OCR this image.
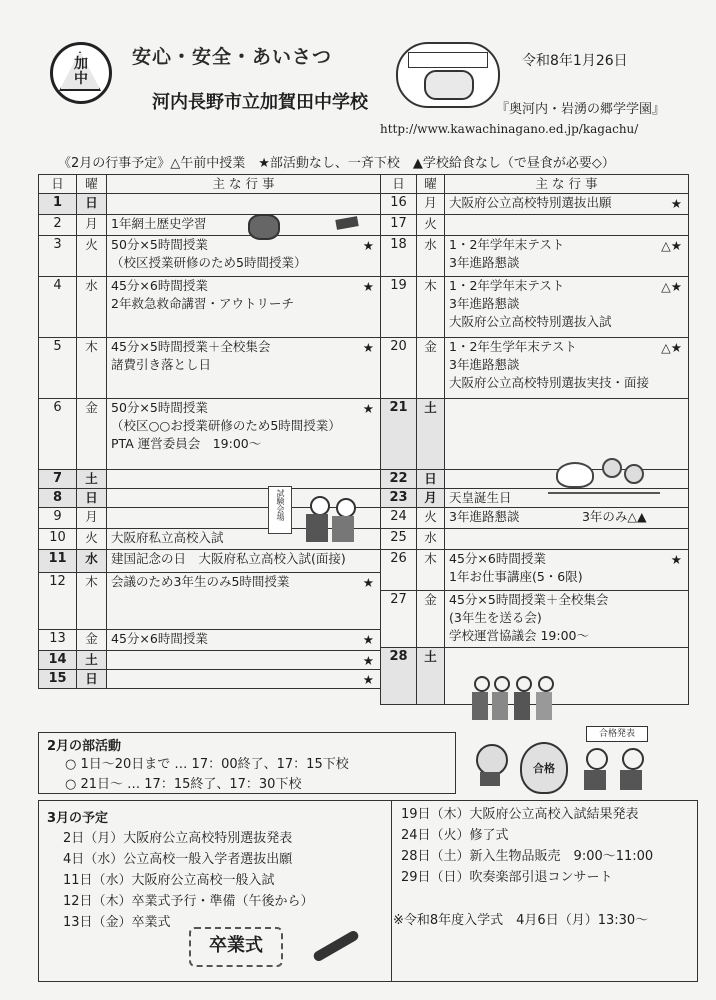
加
中
安心・安全・あいさつ
河内長野市立加賀田中学校
令和8年1月26日
『奥河内・岩湧の郷学学園』
http://www.kawachinagano.ed.jp/kagachu/
《2月の行事予定》△午前中授業　★部活動なし、一斉下校　▲学校給食なし（で昼食が必要◇）
日	曜	主 な 行 事
1	日	
2	月	1年網土歴史学習

3	火	50分×5時間授業
（校区授業研修のため5時間授業）
★

4	水	45分×6時間授業
2年救急救命講習・アウトリーチ
★

5	木	45分×5時間授業＋全校集会
諸費引き落とし日
★

6	金	50分×5時間授業
（校区○○お授業研修のため5時間授業）
PTA 運営委員会　19:00〜
★

7	土	
8	日	
9	月	
10	火	大阪府私立高校入試

11	水	建国記念の日　大阪府私立高校入試(面接)

12	木	会議のため3年生のみ5時間授業 ★

13	金	45分×6時間授業 ★

14	土	★

15	日	★
日	曜	主 な 行 事
16	月	大阪府公立高校特別選抜出願 ★

17	火	
18	水	1・2年学年末テスト
3年進路懇談
△★

19	木	1・2年学年末テスト
3年進路懇談
大阪府公立高校特別選抜入試
△★

20	金	1・2年生学年末テスト
3年進路懇談
大阪府公立高校特別選抜実技・面接
△★

21	土	
22	日	
23	月	天皇誕生日

24	火	3年進路懇談　　　　　3年のみ△▲

25	水	
26	木	45分×6時間授業
1年お仕事講座(5・6限)
★

27	金	45分×5時間授業＋全校集会
(3年生を送る会)
学校運営協議会 19:00〜

28	土	
試験会場
2月の部活動
○ 1日〜20日まで … 17：00終了、17：15下校
○ 21日〜 … 17：15終了、17：30下校
合格
合格発表
3月の予定
2日（月）大阪府公立高校特別選抜発表
4日（水）公立高校一般入学者選抜出願
11日（水）大阪府公立高校一般入試
12日（木）卒業式予行・準備（午後から）
13日（金）卒業式
19日（木）大阪府公立高校入試結果発表
24日（火）修了式
28日（土）新入生物品販売　9:00〜11:00
29日（日）吹奏楽部引退コンサート
※令和8年度入学式　4月6日（月）13:30〜
卒業式
